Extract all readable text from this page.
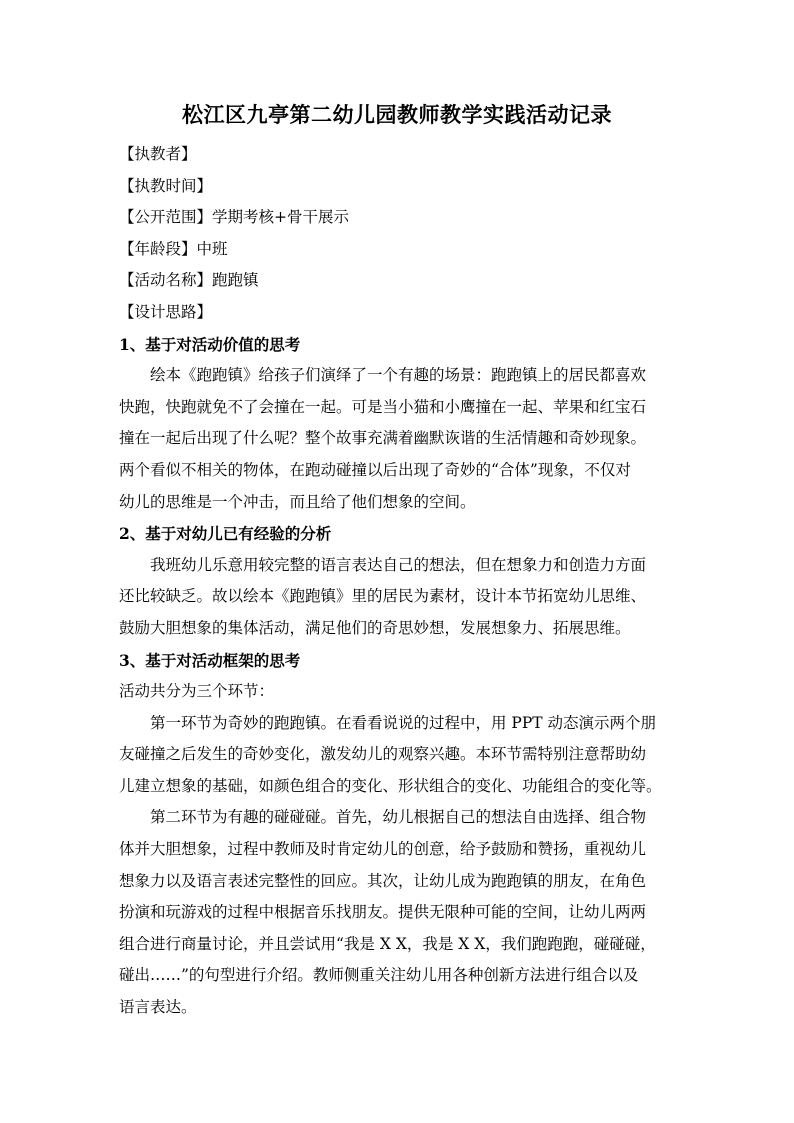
松江区九亭第二幼儿园教师教学实践活动记录
【执教者】
【执教时间】
【公开范围】学期考核+骨干展示
【年龄段】中班
【活动名称】跑跑镇
【设计思路】
1、基于对活动价值的思考
绘本《跑跑镇》给孩子们演绎了一个有趣的场景：跑跑镇上的居民都喜欢
快跑，快跑就免不了会撞在一起。可是当小猫和小鹰撞在一起、苹果和红宝石
撞在一起后出现了什么呢？整个故事充满着幽默诙谐的生活情趣和奇妙现象。
两个看似不相关的物体，在跑动碰撞以后出现了奇妙的“合体”现象，不仅对
幼儿的思维是一个冲击，而且给了他们想象的空间。
2、基于对幼儿已有经验的分析
我班幼儿乐意用较完整的语言表达自己的想法，但在想象力和创造力方面
还比较缺乏。故以绘本《跑跑镇》里的居民为素材，设计本节拓宽幼儿思维、
鼓励大胆想象的集体活动，满足他们的奇思妙想，发展想象力、拓展思维。
3、基于对活动框架的思考
活动共分为三个环节：
第一环节为奇妙的跑跑镇。在看看说说的过程中，用 PPT 动态演示两个朋
友碰撞之后发生的奇妙变化，激发幼儿的观察兴趣。本环节需特别注意帮助幼
儿建立想象的基础，如颜色组合的变化、形状组合的变化、功能组合的变化等。
第二环节为有趣的碰碰碰。首先，幼儿根据自己的想法自由选择、组合物
体并大胆想象，过程中教师及时肯定幼儿的创意，给予鼓励和赞扬，重视幼儿
想象力以及语言表述完整性的回应。其次，让幼儿成为跑跑镇的朋友，在角色
扮演和玩游戏的过程中根据音乐找朋友。提供无限种可能的空间，让幼儿两两
组合进行商量讨论，并且尝试用“我是 X X，我是 X X，我们跑跑跑，碰碰碰，
碰出……”的句型进行介绍。教师侧重关注幼儿用各种创新方法进行组合以及
语言表达。
